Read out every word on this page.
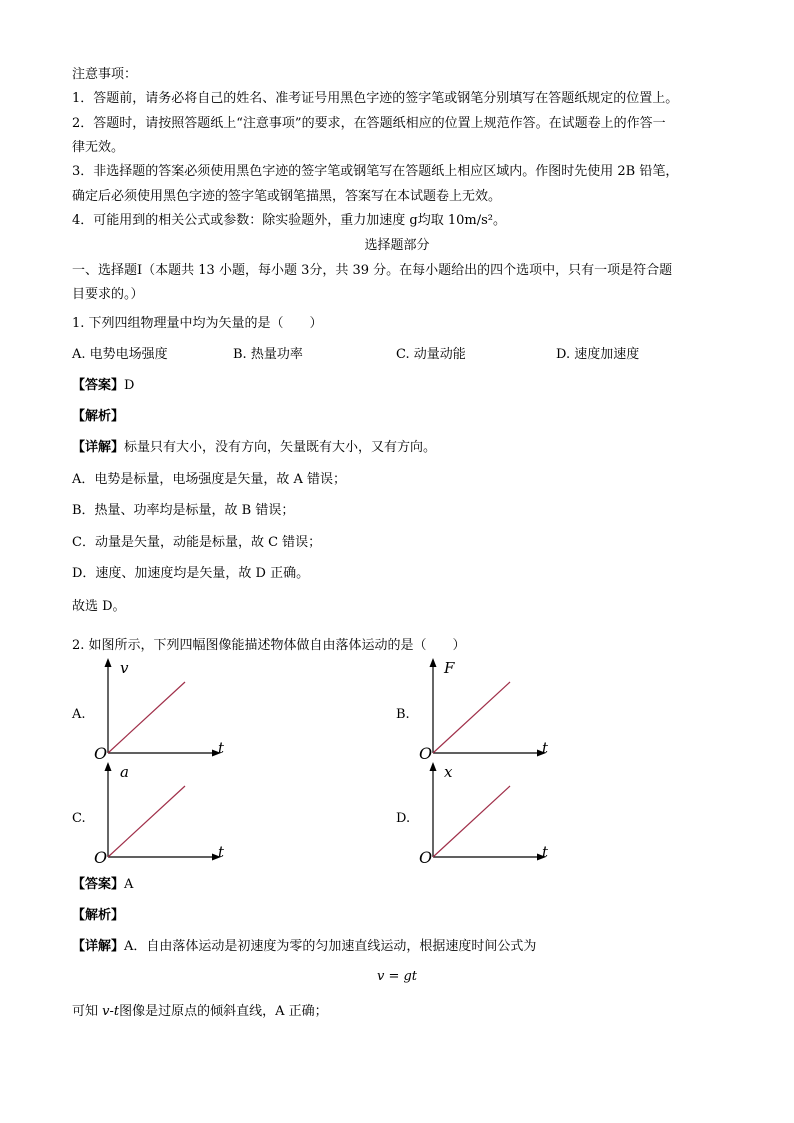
注意事项：
1．答题前，请务必将自己的姓名、准考证号用黑色字迹的签字笔或钢笔分别填写在答题纸规定的位置上。
2．答题时，请按照答题纸上“注意事项”的要求，在答题纸相应的位置上规范作答。在试题卷上的作答一
律无效。
3．非选择题的答案必须使用黑色字迹的签字笔或钢笔写在答题纸上相应区域内。作图时先使用 2B 铅笔，
确定后必须使用黑色字迹的签字笔或钢笔描黑，答案写在本试题卷上无效。
4．可能用到的相关公式或参数：除实验题外，重力加速度 g均取 10m/s²。
选择题部分
一、选择题Ⅰ（本题共 13 小题，每小题 3分，共 39 分。在每小题给出的四个选项中，只有一项是符合题
目要求的。）
1. 下列四组物理量中均为矢量的是（　　）
A. 电势电场强度	B. 热量功率	C. 动量动能	D. 速度加速度
【答案】D
【解析】
【详解】标量只有大小，没有方向，矢量既有大小，又有方向。
A．电势是标量，电场强度是矢量，故 A 错误；
B．热量、功率均是标量，故 B 错误；
C．动量是矢量，动能是标量，故 C 错误；
D．速度、加速度均是矢量，故 D 正确。
故选 D。
2. 如图所示，下列四幅图像能描述物体做自由落体运动的是（　　）
A.
v
t
O
B.
F
t
O
C.
a
t
O
D.
x
t
O
【答案】A
【解析】
【详解】A．自由落体运动是初速度为零的匀加速直线运动，根据速度时间公式为
v = gt
可知 v-t图像是过原点的倾斜直线，A 正确；
